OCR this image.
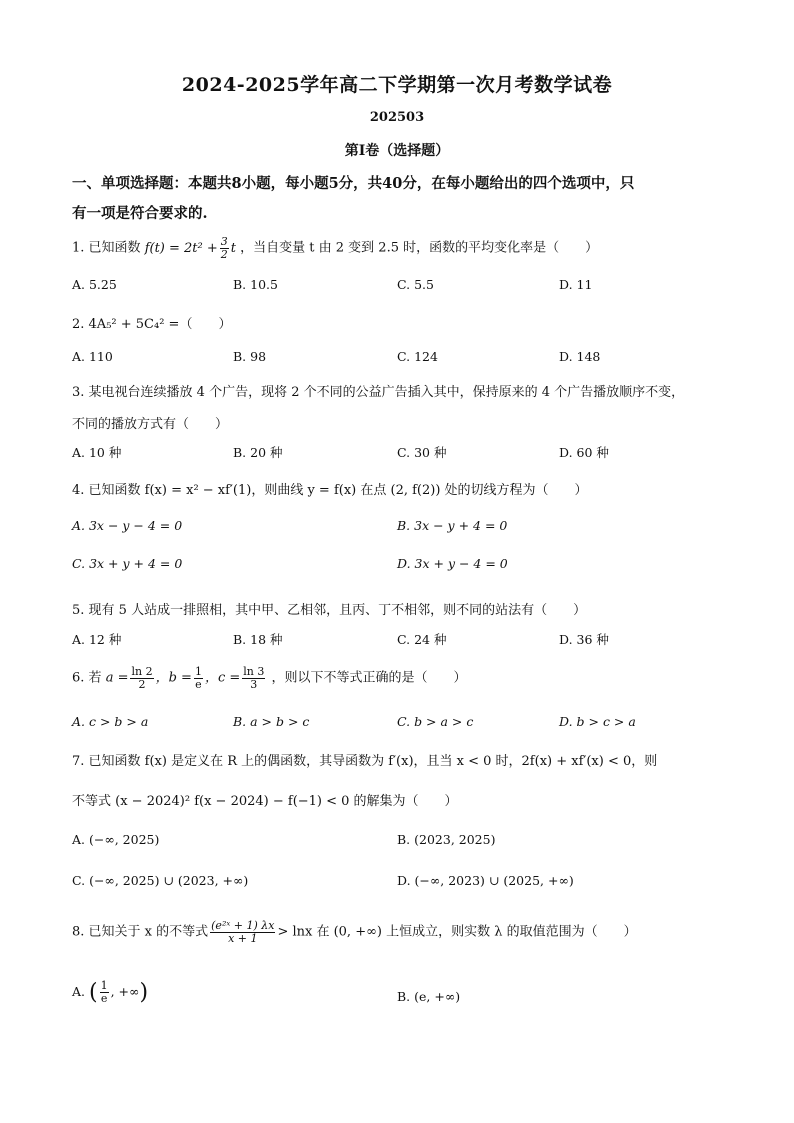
2024-2025学年高二下学期第一次月考数学试卷
202503
第Ⅰ卷（选择题）
一、单项选择题：本题共8小题，每小题5分，共40分，在每小题给出的四个选项中，只
有一项是符合要求的.
1. 已知函数 $f(t) = 2t^2 + \frac{3}{2}$ t ，当自变量 t 由 2 变到 2.5 时，函数的平均变化率是（　　）
A. 5.25	B. 10.5	C. 5.5	D. 11
2. 4A₅² + 5C₄² =（　　）
A. 110	B. 98	C. 124	D. 148
3. 某电视台连续播放 4 个广告，现将 2 个不同的公益广告插入其中，保持原来的 4 个广告播放顺序不变，
不同的播放方式有（　　）
A. 10 种	B. 20 种	C. 30 种	D. 60 种
4. 已知函数 f(x) = x² − xf′(1)，则曲线 y = f(x) 在点 (2, f(2)) 处的切线方程为（　　）
A. 3x − y − 4 = 0	B. 3x − y + 4 = 0
C. 3x + y + 4 = 0	D. 3x + y − 4 = 0
5. 现有 5 人站成一排照相，其中甲、乙相邻，且丙、丁不相邻，则不同的站法有（　　）
A. 12 种	B. 18 种	C. 24 种	D. 36 种
6. 若 $a = \frac{\ln 2}{2}$ ，$b = \frac{1}{e}$ ，$c = \frac{\ln 3}{3}$ ，则以下不等式正确的是（　　）
A. c > b > a	B. a > b > c	C. b > a > c	D. b > c > a
7. 已知函数 f(x) 是定义在 R 上的偶函数，其导函数为 f′(x)，且当 x < 0 时，2f(x) + xf′(x) < 0，则
不等式 (x − 2024)² f(x − 2024) − f(−1) < 0 的解集为（　　）
A. (−∞, 2025)	B. (2023, 2025)
C. (−∞, 2025) ∪ (2023, +∞)	D. (−∞, 2023) ∪ (2025, +∞)
8. 已知关于 x 的不等式 $\frac{\text{(e²ˣ + 1) λx}}{x + 1} > \ln x$ 在 (0, +∞) 上恒成立，则实数 λ 的取值范围为（　　）
A. ( $\frac{1}{e}$ , +∞)	B. (e, +∞)
